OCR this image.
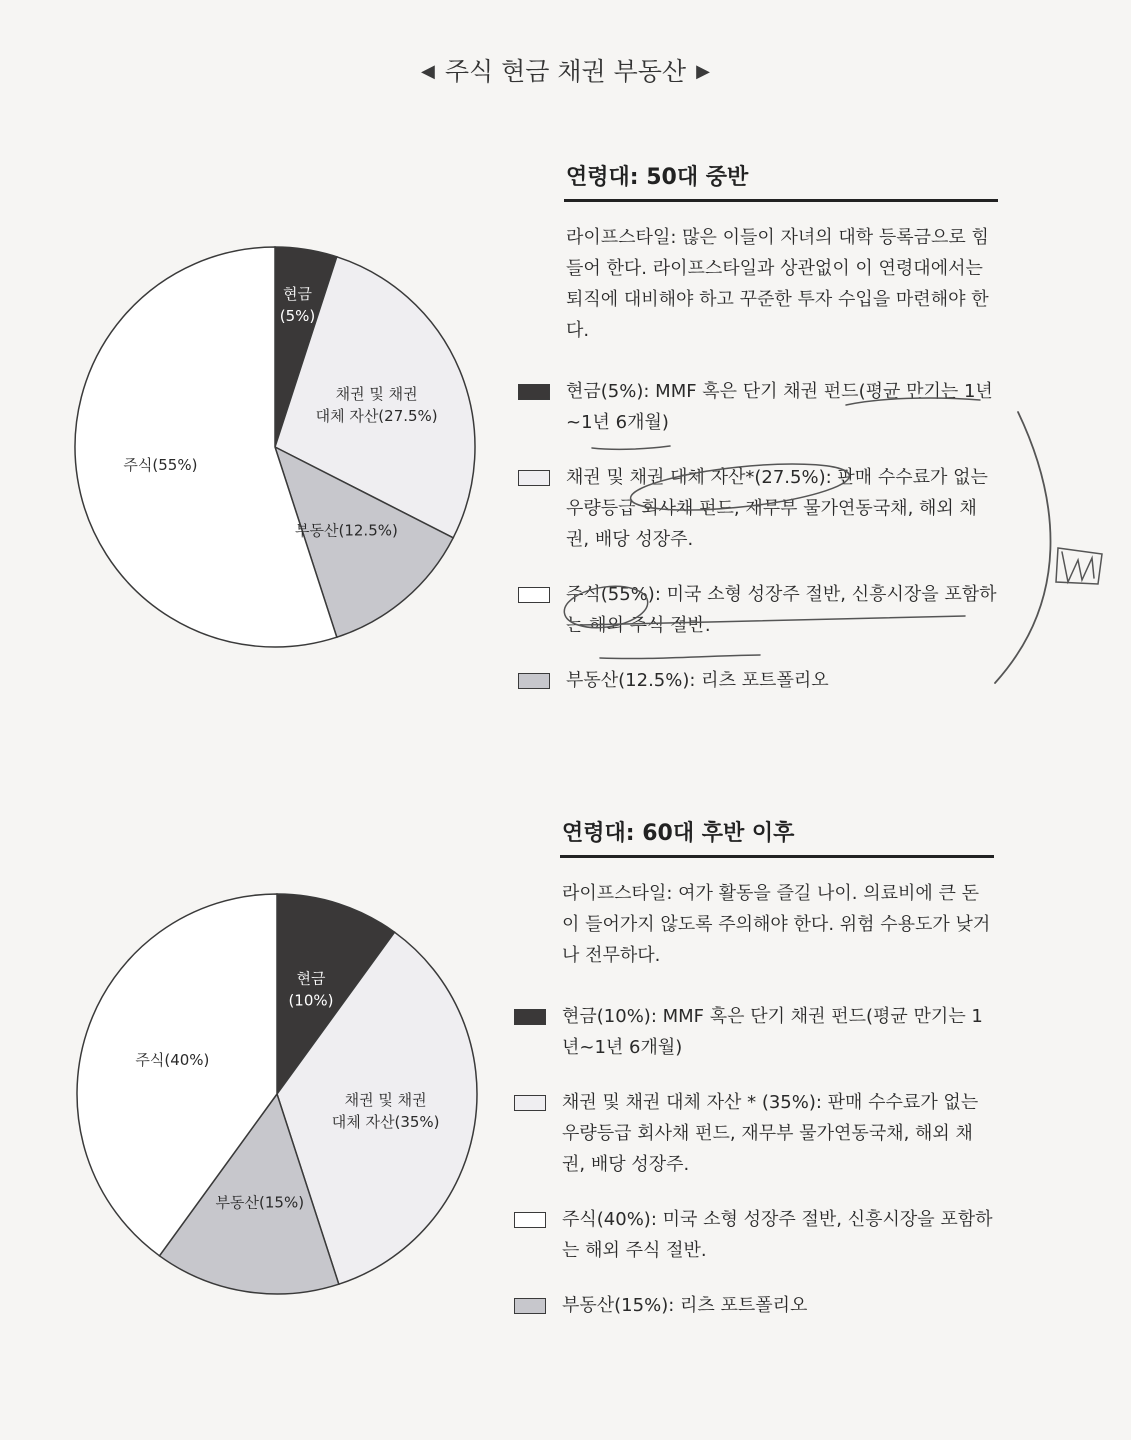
◀ 주식 현금 채권 부동산 ▶
현금 (5%)
채권 및 채권 대체 자산(27.5%)
부동산(12.5%)
주식(55%)
현금 (10%)
채권 및 채권 대체 자산(35%)
부동산(15%)
주식(40%)
연령대: 50대 중반
라이프스타일: 많은 이들이 자녀의 대학 등록금으로 힘들어 한다. 라이프스타일과 상관없이 이 연령대에서는 퇴직에 대비해야 하고 꾸준한 투자 수입을 마련해야 한다.
현금(5%): MMF 혹은 단기 채권 펀드(평균 만기는 1년~1년 6개월)
채권 및 채권 대체 자산*(27.5%): 판매 수수료가 없는 우량등급 회사채 펀드, 재무부 물가연동국채, 해외 채권, 배당 성장주.
주식(55%): 미국 소형 성장주 절반, 신흥시장을 포함하는 해외 주식 절반.
부동산(12.5%): 리츠 포트폴리오
연령대: 60대 후반 이후
라이프스타일: 여가 활동을 즐길 나이. 의료비에 큰 돈이 들어가지 않도록 주의해야 한다. 위험 수용도가 낮거나 전무하다.
현금(10%): MMF 혹은 단기 채권 펀드(평균 만기는 1년~1년 6개월)
채권 및 채권 대체 자산 * (35%): 판매 수수료가 없는 우량등급 회사채 펀드, 재무부 물가연동국채, 해외 채권, 배당 성장주.
주식(40%): 미국 소형 성장주 절반, 신흥시장을 포함하는 해외 주식 절반.
부동산(15%): 리츠 포트폴리오
